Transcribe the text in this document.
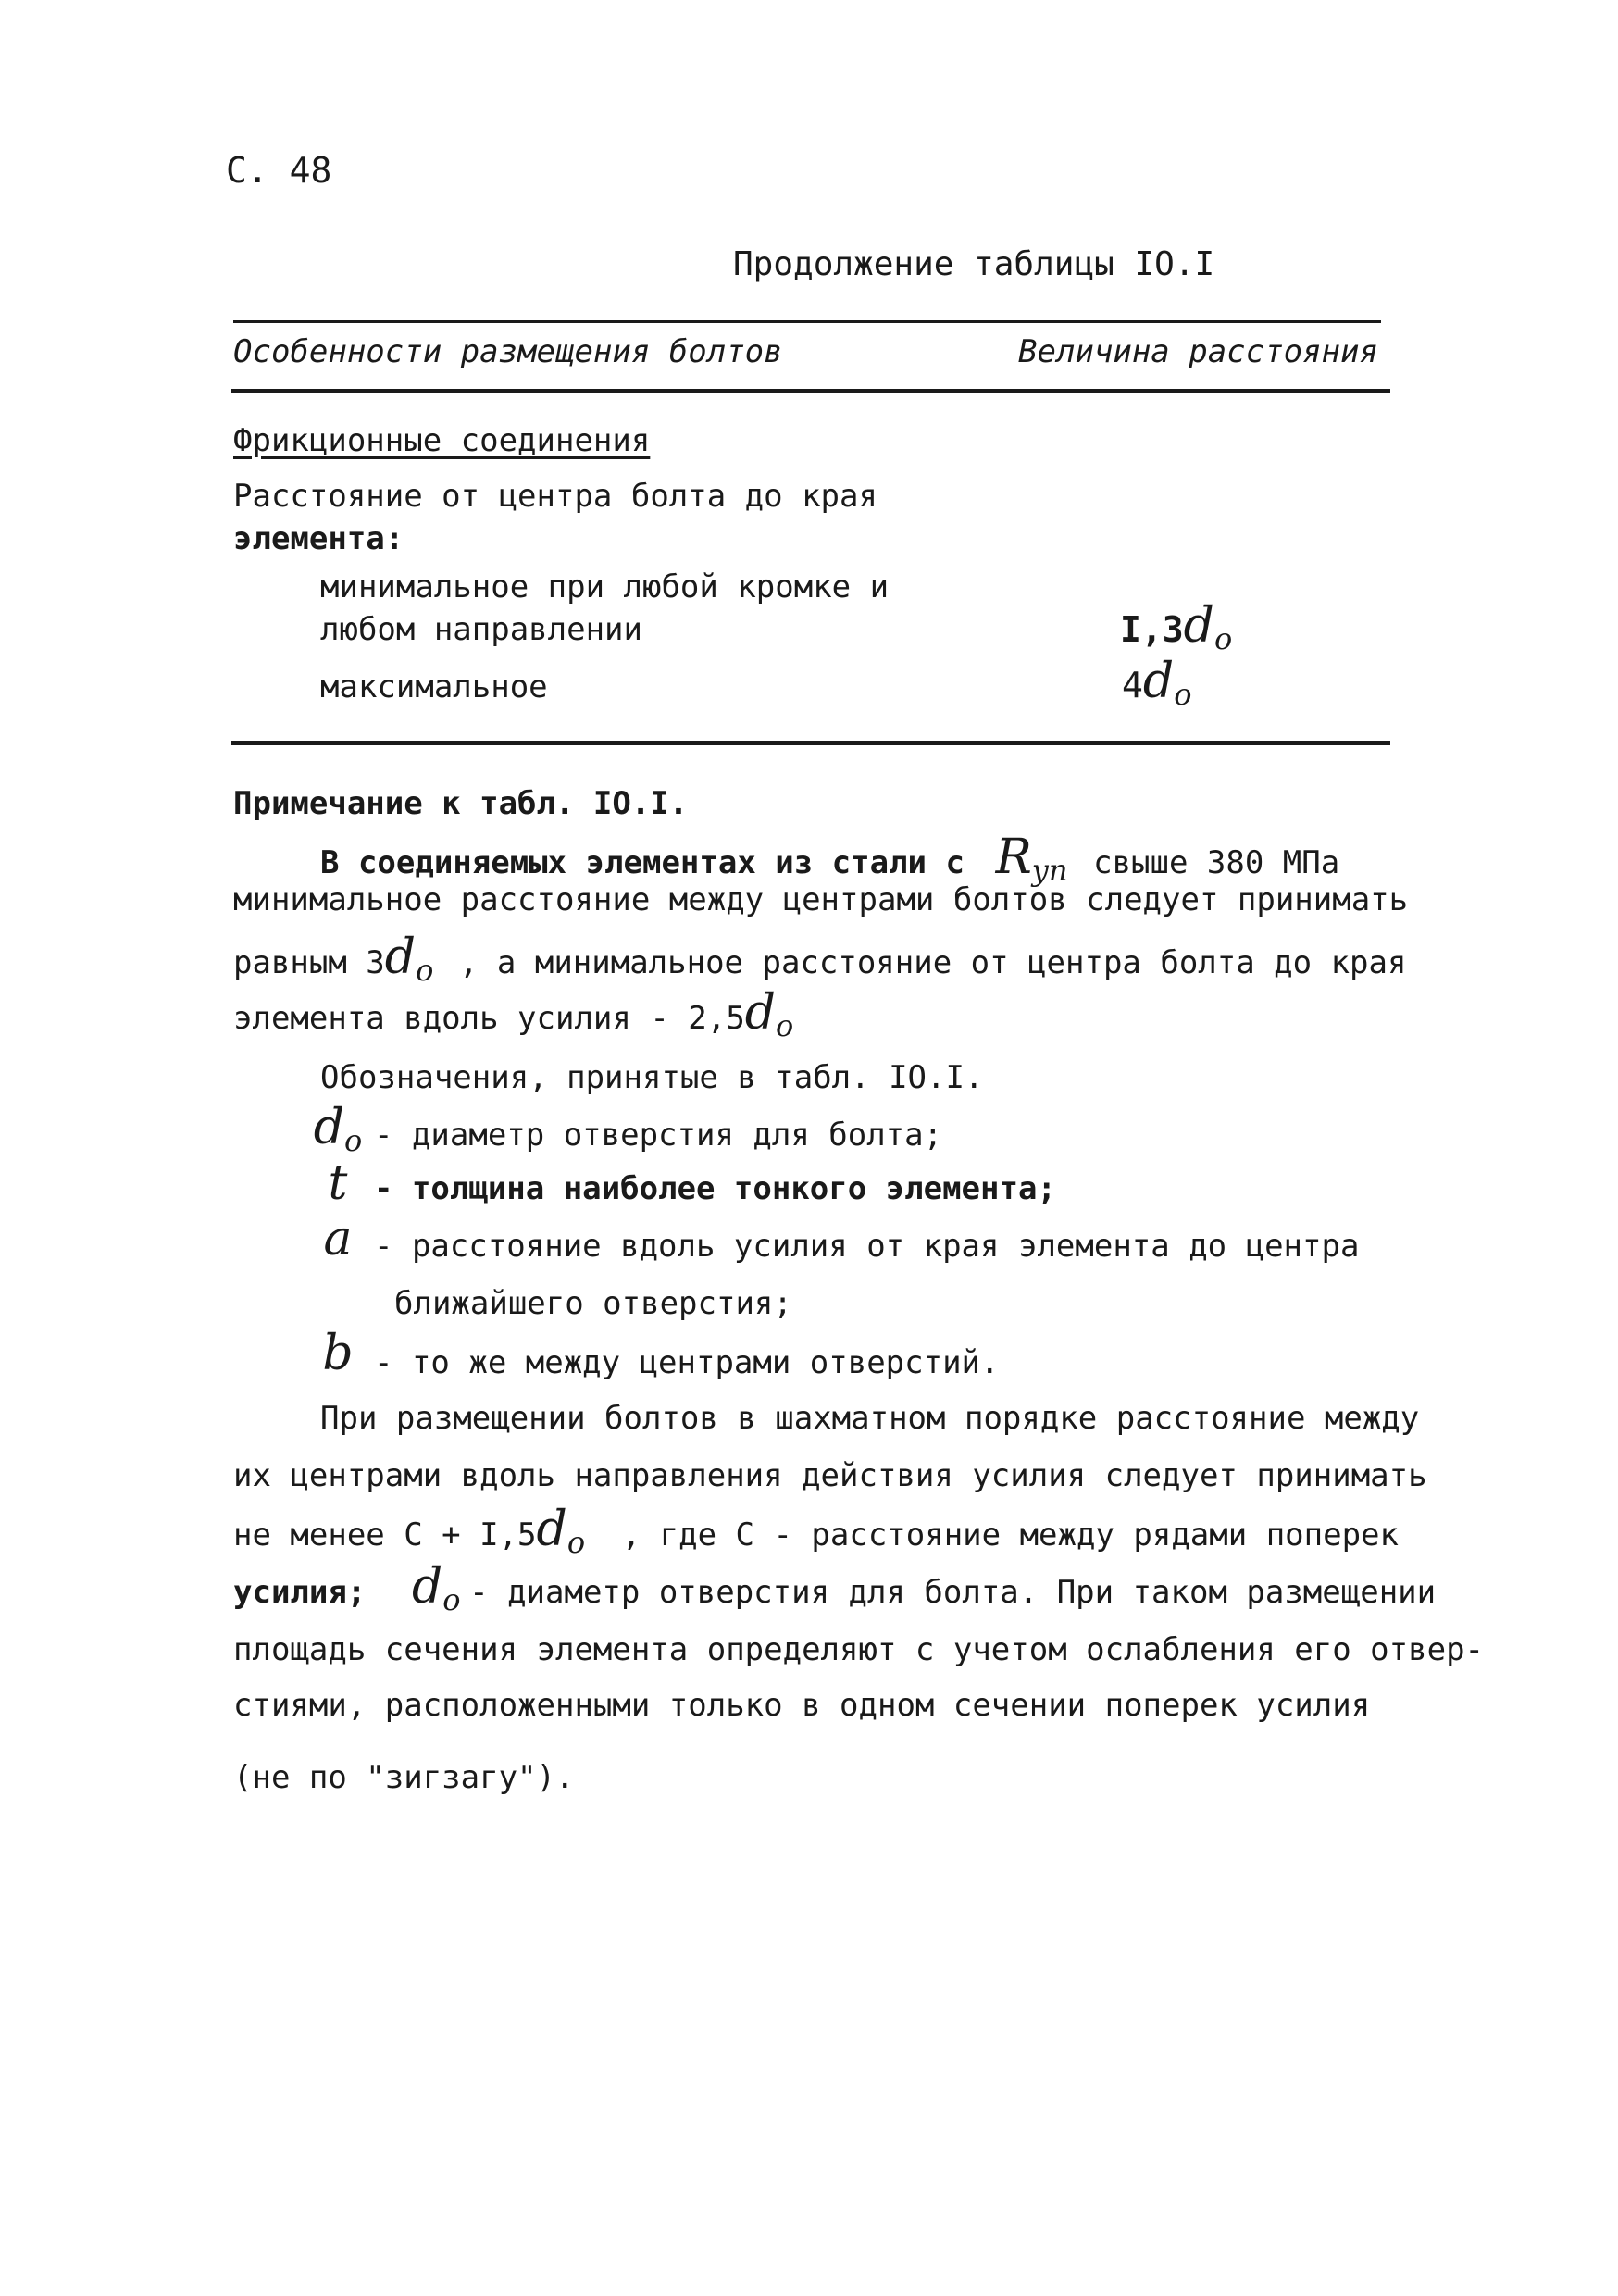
С. 48
Продолжение таблицы IO.I
Особенности размещения болтов	Величина расстояния
Фрикционные соединения
Расстояние от центра болта до края
элемента:
минимальное при любой кромке и
любом направлении	I,3do
максимальное	4do
Примечание к табл. IO.I.
В соединяемых элементах из стали с Ryn свыше 380 МПа
минимальное расстояние между центрами болтов следует принимать
равным 3do , а минимальное расстояние от центра болта до края
элемента вдоль усилия - 2,5do
Обозначения, принятые в табл. IO.I.
do - диаметр отверстия для болта;
t - толщина наиболее тонкого элемента;
a - расстояние вдоль усилия от края элемента до центра
ближайшего отверстия;
b - то же между центрами отверстий.
При размещении болтов в шахматном порядке расстояние между
их центрами вдоль направления действия усилия следует принимать
не менее С + I,5do , где С - расстояние между рядами поперек
усилия; do - диаметр отверстия для болта. При таком размещении
площадь сечения элемента определяют с учетом ослабления его отвер-
стиями, расположенными только в одном сечении поперек усилия
(не по "зигзагу").
